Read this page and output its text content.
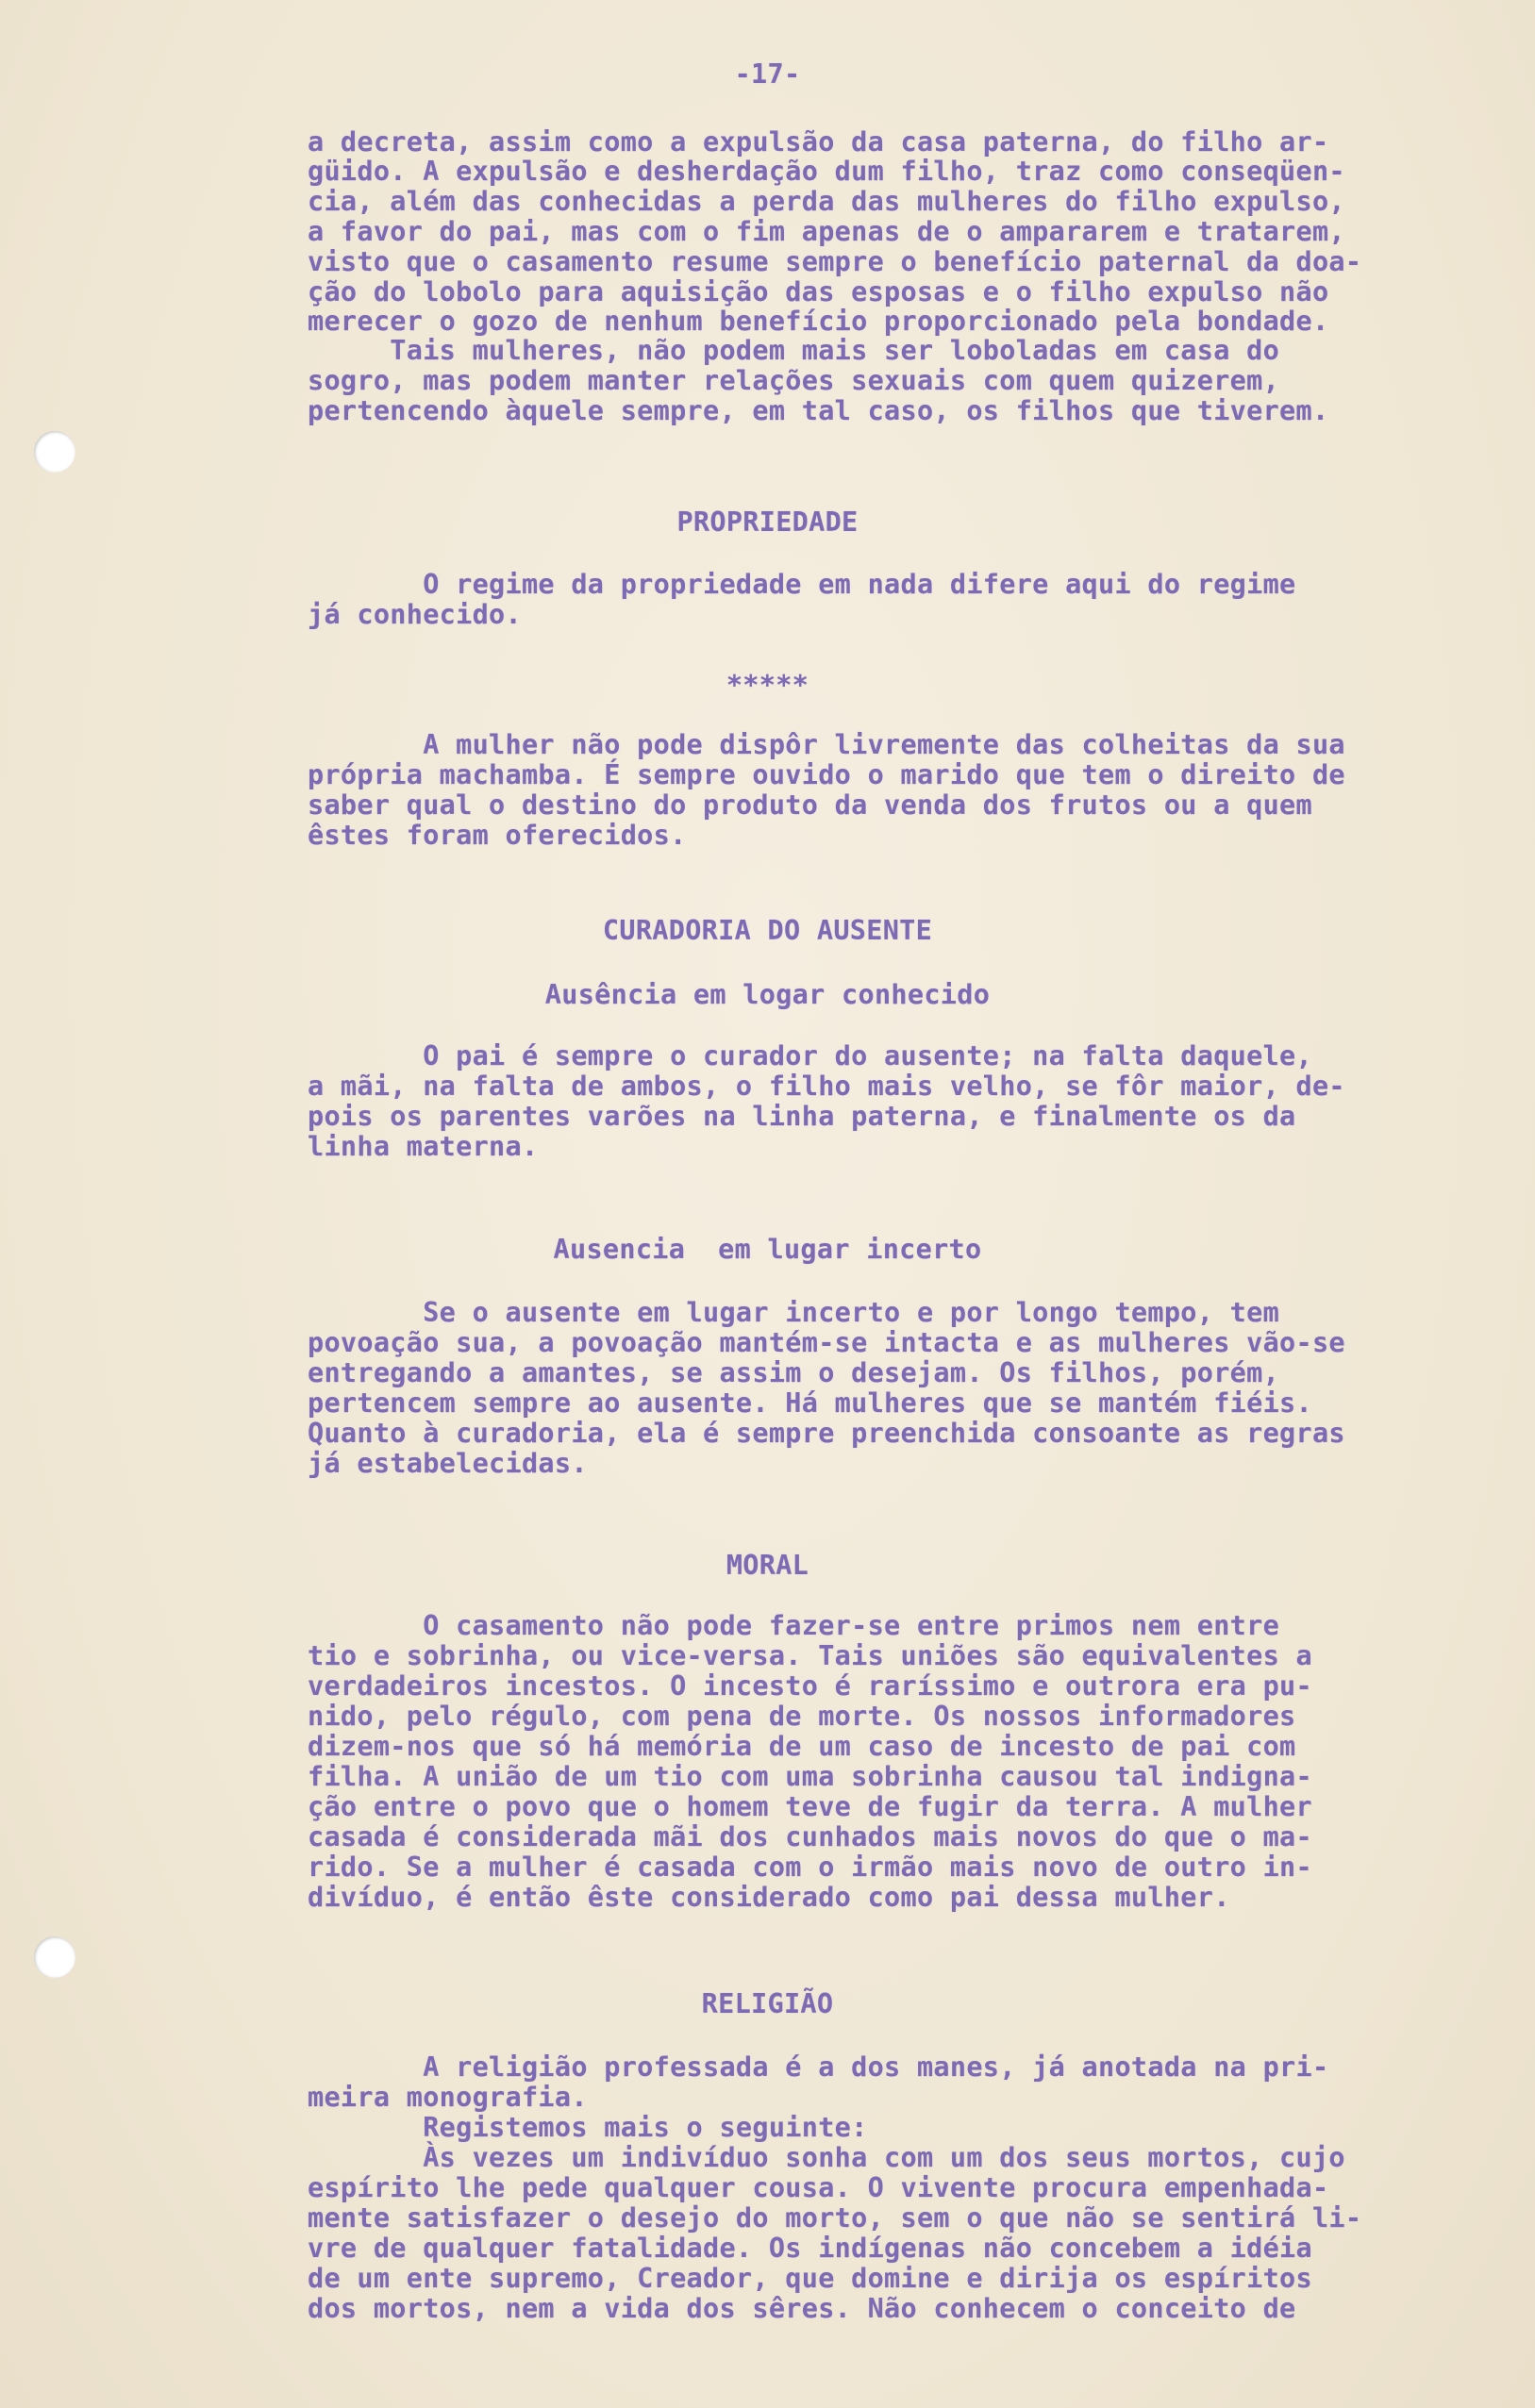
-17-
a decreta, assim como a expulsão da casa paterna, do filho ar-
güido. A expulsão e desherdação dum filho, traz como conseqüen-
cia, além das conhecidas a perda das mulheres do filho expulso,
a favor do pai, mas com o fim apenas de o ampararem e tratarem,
visto que o casamento resume sempre o benefício paternal da doa-
ção do lobolo para aquisição das esposas e o filho expulso não
merecer o gozo de nenhum benefício proporcionado pela bondade.
Tais mulheres, não podem mais ser loboladas em casa do
sogro, mas podem manter relações sexuais com quem quizerem,
pertencendo àquele sempre, em tal caso, os filhos que tiverem.
PROPRIEDADE
O regime da propriedade em nada difere aqui do regime
já conhecido.
*****
A mulher não pode dispôr livremente das colheitas da sua
própria machamba. É sempre ouvido o marido que tem o direito de
saber qual o destino do produto da venda dos frutos ou a quem
êstes foram oferecidos.
CURADORIA DO AUSENTE
Ausência em logar conhecido
O pai é sempre o curador do ausente; na falta daquele,
a mãi, na falta de ambos, o filho mais velho, se fôr maior, de-
pois os parentes varões na linha paterna, e finalmente os da
linha materna.
Ausencia  em lugar incerto
Se o ausente em lugar incerto e por longo tempo, tem
povoação sua, a povoação mantém-se intacta e as mulheres vão-se
entregando a amantes, se assim o desejam. Os filhos, porém,
pertencem sempre ao ausente. Há mulheres que se mantém fiéis.
Quanto à curadoria, ela é sempre preenchida consoante as regras
já estabelecidas.
MORAL
O casamento não pode fazer-se entre primos nem entre
tio e sobrinha, ou vice-versa. Tais uniões são equivalentes a
verdadeiros incestos. O incesto é raríssimo e outrora era pu-
nido, pelo régulo, com pena de morte. Os nossos informadores
dizem-nos que só há memória de um caso de incesto de pai com
filha. A união de um tio com uma sobrinha causou tal indigna-
ção entre o povo que o homem teve de fugir da terra. A mulher
casada é considerada mãi dos cunhados mais novos do que o ma-
rido. Se a mulher é casada com o irmão mais novo de outro in-
divíduo, é então êste considerado como pai dessa mulher.
RELIGIÃO
A religião professada é a dos manes, já anotada na pri-
meira monografia.
Registemos mais o seguinte:
Às vezes um indivíduo sonha com um dos seus mortos, cujo
espírito lhe pede qualquer cousa. O vivente procura empenhada-
mente satisfazer o desejo do morto, sem o que não se sentirá li-
vre de qualquer fatalidade. Os indígenas não concebem a idéia
de um ente supremo, Creador, que domine e dirija os espíritos
dos mortos, nem a vida dos sêres. Não conhecem o conceito de
